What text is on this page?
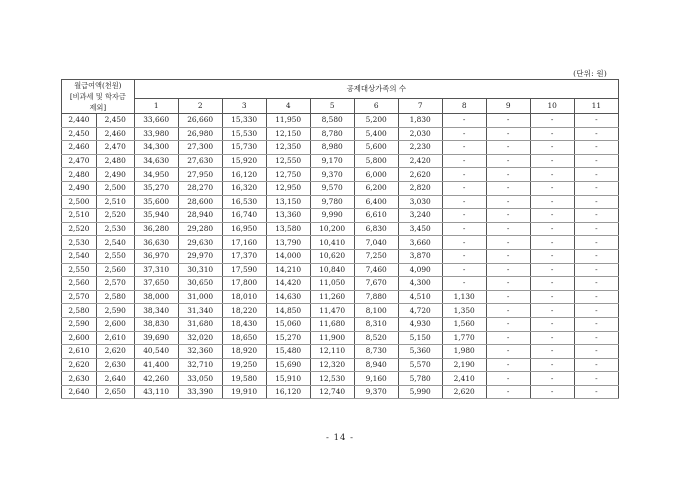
(단위: 원)
월급여액(천원)
[비과세 및 학자금
제외]		공제대상가족의 수										
		1	2	3	4	5	6	7	8	9	10	11
2,440	2,450	33,660	26,660	15,330	11,950	8,580	5,200	1,830	-	-	-	-
2,450	2,460	33,980	26,980	15,530	12,150	8,780	5,400	2,030	-	-	-	-
2,460	2,470	34,300	27,300	15,730	12,350	8,980	5,600	2,230	-	-	-	-
2,470	2,480	34,630	27,630	15,920	12,550	9,170	5,800	2,420	-	-	-	-
2,480	2,490	34,950	27,950	16,120	12,750	9,370	6,000	2,620	-	-	-	-
2,490	2,500	35,270	28,270	16,320	12,950	9,570	6,200	2,820	-	-	-	-
2,500	2,510	35,600	28,600	16,530	13,150	9,780	6,400	3,030	-	-	-	-
2,510	2,520	35,940	28,940	16,740	13,360	9,990	6,610	3,240	-	-	-	-
2,520	2,530	36,280	29,280	16,950	13,580	10,200	6,830	3,450	-	-	-	-
2,530	2,540	36,630	29,630	17,160	13,790	10,410	7,040	3,660	-	-	-	-
2,540	2,550	36,970	29,970	17,370	14,000	10,620	7,250	3,870	-	-	-	-
2,550	2,560	37,310	30,310	17,590	14,210	10,840	7,460	4,090	-	-	-	-
2,560	2,570	37,650	30,650	17,800	14,420	11,050	7,670	4,300	-	-	-	-
2,570	2,580	38,000	31,000	18,010	14,630	11,260	7,880	4,510	1,130	-	-	-
2,580	2,590	38,340	31,340	18,220	14,850	11,470	8,100	4,720	1,350	-	-	-
2,590	2,600	38,830	31,680	18,430	15,060	11,680	8,310	4,930	1,560	-	-	-
2,600	2,610	39,690	32,020	18,650	15,270	11,900	8,520	5,150	1,770	-	-	-
2,610	2,620	40,540	32,360	18,920	15,480	12,110	8,730	5,360	1,980	-	-	-
2,620	2,630	41,400	32,710	19,250	15,690	12,320	8,940	5,570	2,190	-	-	-
2,630	2,640	42,260	33,050	19,580	15,910	12,530	9,160	5,780	2,410	-	-	-
2,640	2,650	43,110	33,390	19,910	16,120	12,740	9,370	5,990	2,620	-	-	-
- 14 -
